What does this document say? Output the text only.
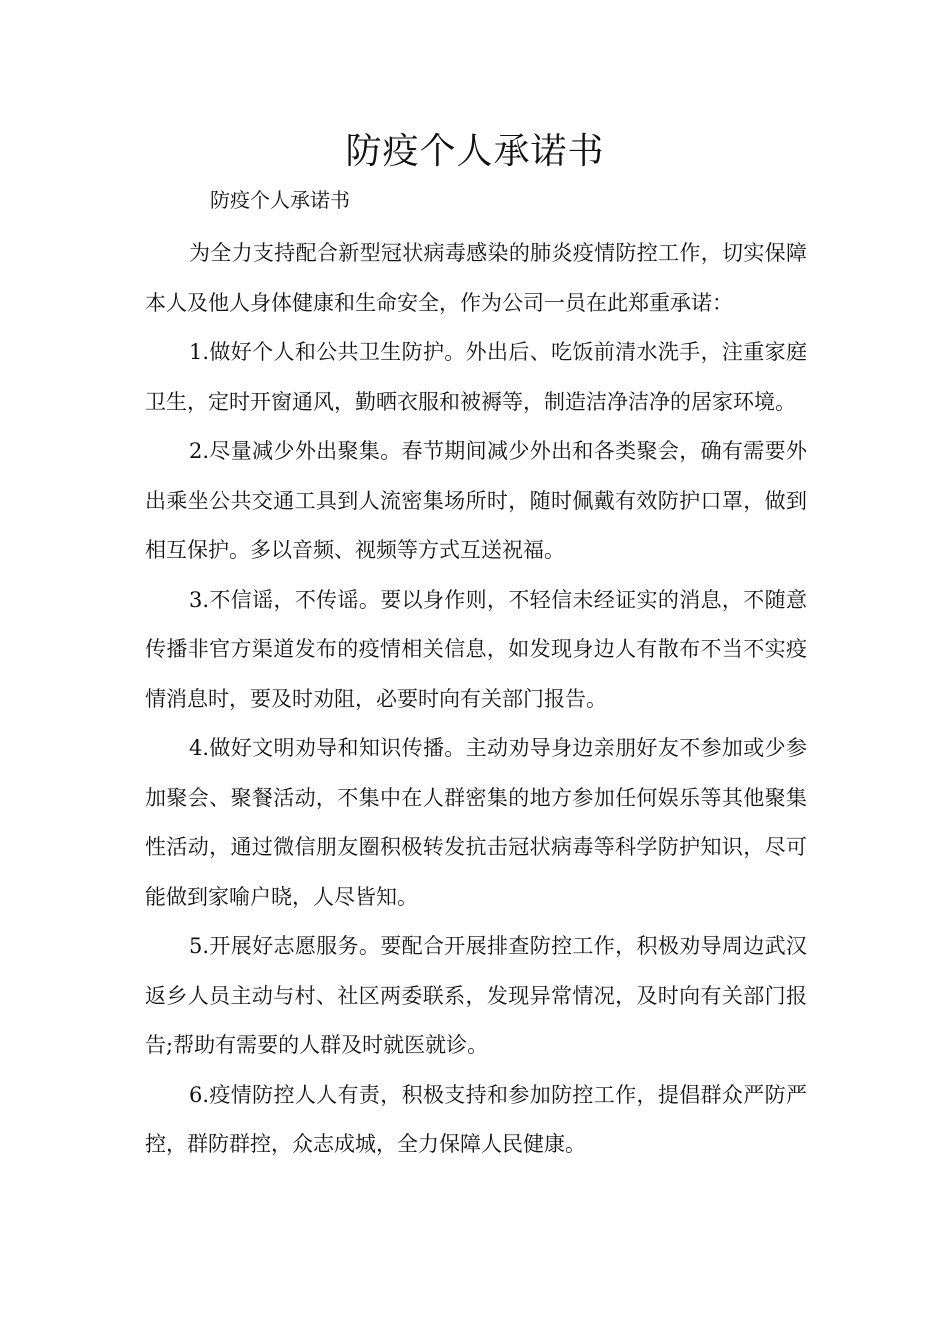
防疫个人承诺书

防疫个人承诺书

为全力支持配合新型冠状病毒感染的肺炎疫情防控工作，切实保障本人及他人身体健康和生命安全，作为公司一员在此郑重承诺：

1.做好个人和公共卫生防护。外出后、吃饭前清水洗手，注重家庭卫生，定时开窗通风，勤晒衣服和被褥等，制造洁净洁净的居家环境。

2.尽量减少外出聚集。春节期间减少外出和各类聚会，确有需要外出乘坐公共交通工具到人流密集场所时，随时佩戴有效防护口罩，做到相互保护。多以音频、视频等方式互送祝福。

3.不信谣，不传谣。要以身作则，不轻信未经证实的消息，不随意传播非官方渠道发布的疫情相关信息，如发现身边人有散布不当不实疫情消息时，要及时劝阻，必要时向有关部门报告。

4.做好文明劝导和知识传播。主动劝导身边亲朋好友不参加或少参加聚会、聚餐活动，不集中在人群密集的地方参加任何娱乐等其他聚集性活动，通过微信朋友圈积极转发抗击冠状病毒等科学防护知识，尽可能做到家喻户晓，人尽皆知。

5.开展好志愿服务。要配合开展排查防控工作，积极劝导周边武汉返乡人员主动与村、社区两委联系，发现异常情况，及时向有关部门报告;帮助有需要的人群及时就医就诊。

6.疫情防控人人有责，积极支持和参加防控工作，提倡群众严防严控，群防群控，众志成城，全力保障人民健康。
